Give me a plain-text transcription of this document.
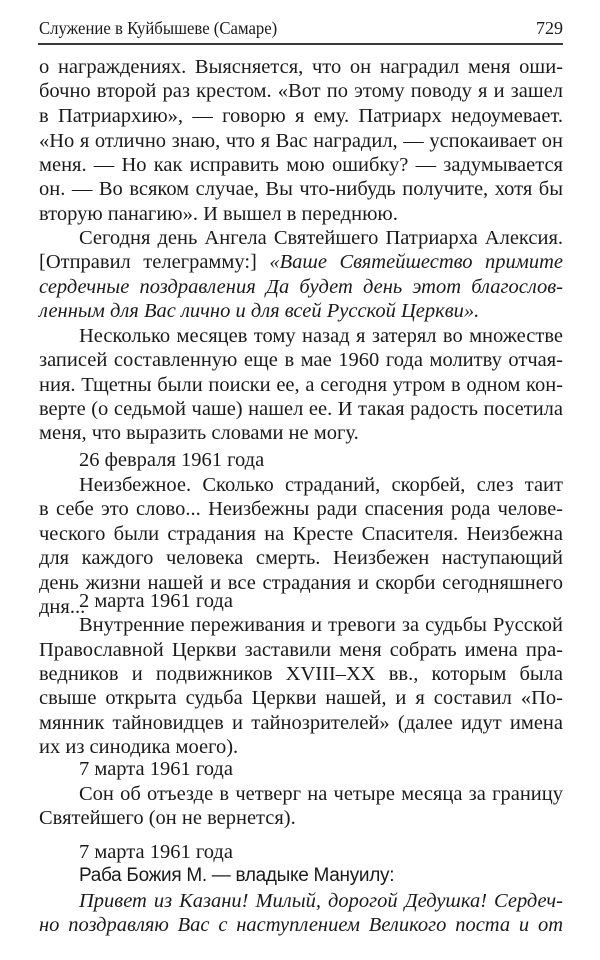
Служение в Куйбышеве (Самаре)	729
о награждениях. Выясняется, что он наградил меня оши-
бочно второй раз крестом. «Вот по этому поводу я и зашел
в Патриархию», — говорю я ему. Патриарх недоумевает.
«Но я отлично знаю, что я Вас наградил, — успокаивает он
меня. — Но как исправить мою ошибку? — задумывается
он. — Во всяком случае, Вы что-нибудь получите, хотя бы
вторую панагию». И вышел в переднюю.
Сегодня день Ангела Святейшего Патриарха Алексия.
[Отправил телеграмму:] «Ваше Святейшество примите
сердечные поздравления Да будет день этот благослов-
ленным для Вас лично и для всей Русской Церкви».
Несколько месяцев тому назад я затерял во множестве
записей составленную еще в мае 1960 года молитву отчая-
ния. Тщетны были поиски ее, а сегодня утром в одном кон-
верте (о седьмой чаше) нашел ее. И такая радость посетила
меня, что выразить словами не могу.
26 февраля 1961 года
Неизбежное. Сколько страданий, скорбей, слез таит
в себе это слово... Неизбежны ради спасения рода челове-
ческого были страдания на Кресте Спасителя. Неизбежна
для каждого человека смерть. Неизбежен наступающий
день жизни нашей и все страдания и скорби сегодняшнего
дня...
2 марта 1961 года
Внутренние переживания и тревоги за судьбы Русской
Православной Церкви заставили меня собрать имена пра-
ведников и подвижников XVIII–XX вв., которым была
свыше открыта судьба Церкви нашей, и я составил «По-
мянник тайновидцев и тайнозрителей» (далее идут имена
их из синодика моего).
7 марта 1961 года
Сон об отъезде в четверг на четыре месяца за границу
Святейшего (он не вернется).
7 марта 1961 года
Раба Божия М. — владыке Мануилу:
Привет из Казани! Милый, дорогой Дедушка! Сердеч-
но поздравляю Вас с наступлением Великого поста и от
